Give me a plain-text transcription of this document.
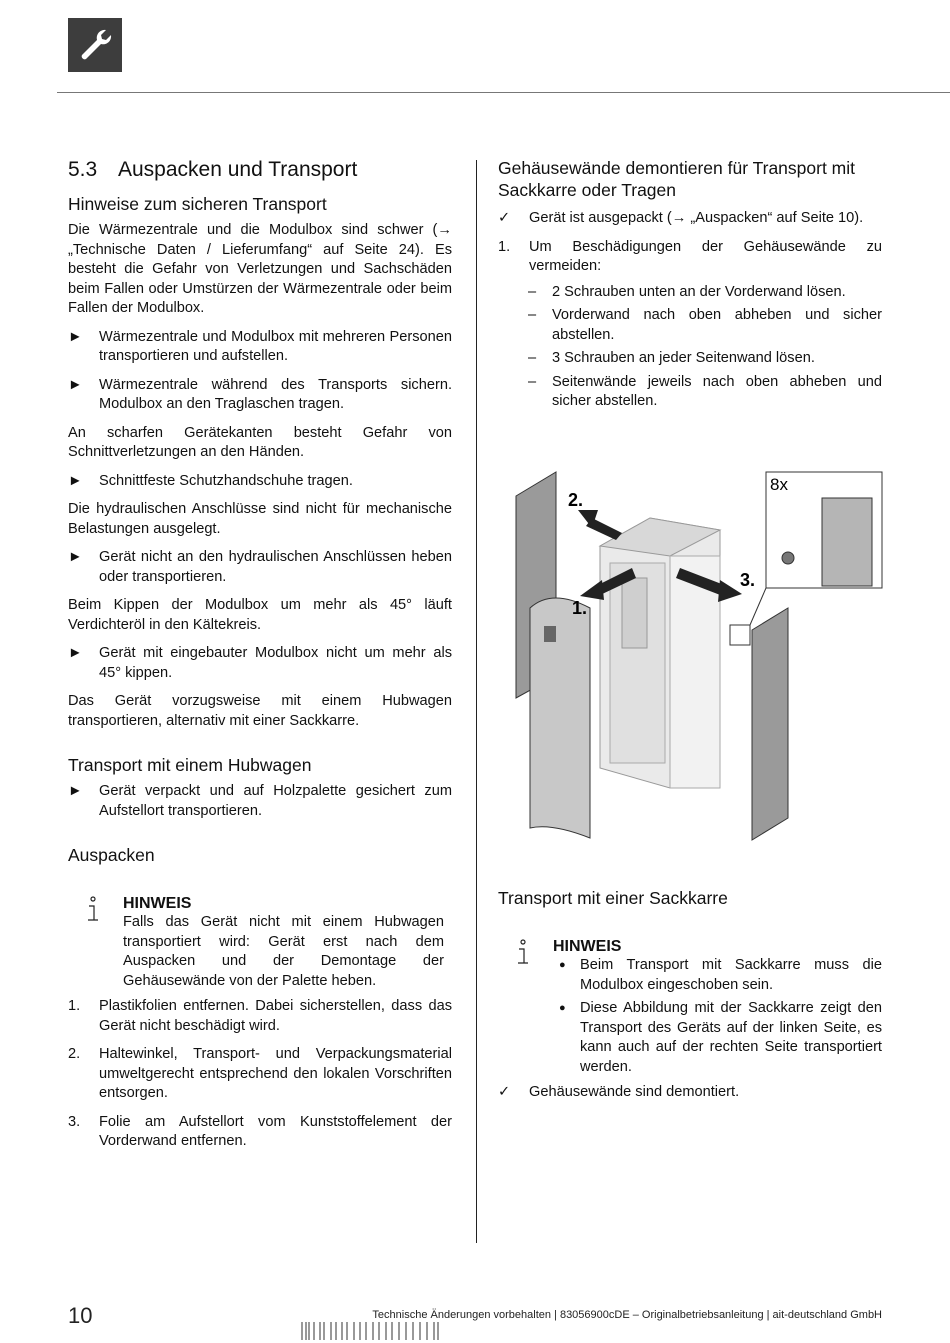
5.3 Auspacken und Transport
Hinweise zum sicheren Transport

Die Wärmezentrale und die Modulbox sind schwer (→ „Technische Daten / Lieferumfang“ auf Seite 24). Es besteht die Gefahr von Verletzungen und Sachschäden beim Fallen oder Umstürzen der Wärmezentrale oder beim Fallen der Modulbox.

► Wärmezentrale und Modulbox mit mehreren Personen transportieren und aufstellen.
► Wärmezentrale während des Transports sichern. Modulbox an den Traglaschen tragen.

An scharfen Gerätekanten besteht Gefahr von Schnittverletzungen an den Händen.

► Schnittfeste Schutzhandschuhe tragen.

Die hydraulischen Anschlüsse sind nicht für mechanische Belastungen ausgelegt.

► Gerät nicht an den hydraulischen Anschlüssen heben oder transportieren.

Beim Kippen der Modulbox um mehr als 45° läuft Verdichteröl in den Kältekreis.

► Gerät mit eingebauter Modulbox nicht um mehr als 45° kippen.

Das Gerät vorzugsweise mit einem Hubwagen transportieren, alternativ mit einer Sackkarre.

Transport mit einem Hubwagen
► Gerät verpackt und auf Holzpalette gesichert zum Aufstellort transportieren.
Auspacken
HINWEIS
Falls das Gerät nicht mit einem Hubwagen transportiert wird: Gerät erst nach dem Auspacken und der Demontage der Gehäusewände von der Palette heben.
1. Plastikfolien entfernen. Dabei sicherstellen, dass das Gerät nicht beschädigt wird.
2. Haltewinkel, Transport- und Verpackungsmaterial umweltgerecht entsprechend den lokalen Vorschriften entsorgen.
3. Folie am Aufstellort vom Kunststoffelement der Vorderwand entfernen.
Gehäusewände demontieren für Transport mit Sackkarre oder Tragen
✓ Gerät ist ausgepackt (→ „Auspacken“ auf Seite 10).
1. Um Beschädigungen der Gehäusewände zu vermeiden:
– 2 Schrauben unten an der Vorderwand lösen.
– Vorderwand nach oben abheben und sicher abstellen.
– 3 Schrauben an jeder Seitenwand lösen.
– Seitenwände jeweils nach oben abheben und sicher abstellen.
2.
1.
3.
8x
Transport mit einer Sackkarre
HINWEIS
● Beim Transport mit Sackkarre muss die Modulbox eingeschoben sein.
● Diese Abbildung mit der Sackkarre zeigt den Transport des Geräts auf der linken Seite, es kann auch auf der rechten Seite transportiert werden.
✓ Gehäusewände sind demontiert.
10	Technische Änderungen vorbehalten | 83056900cDE – Originalbetriebsanleitung | ait-deutschland GmbH
